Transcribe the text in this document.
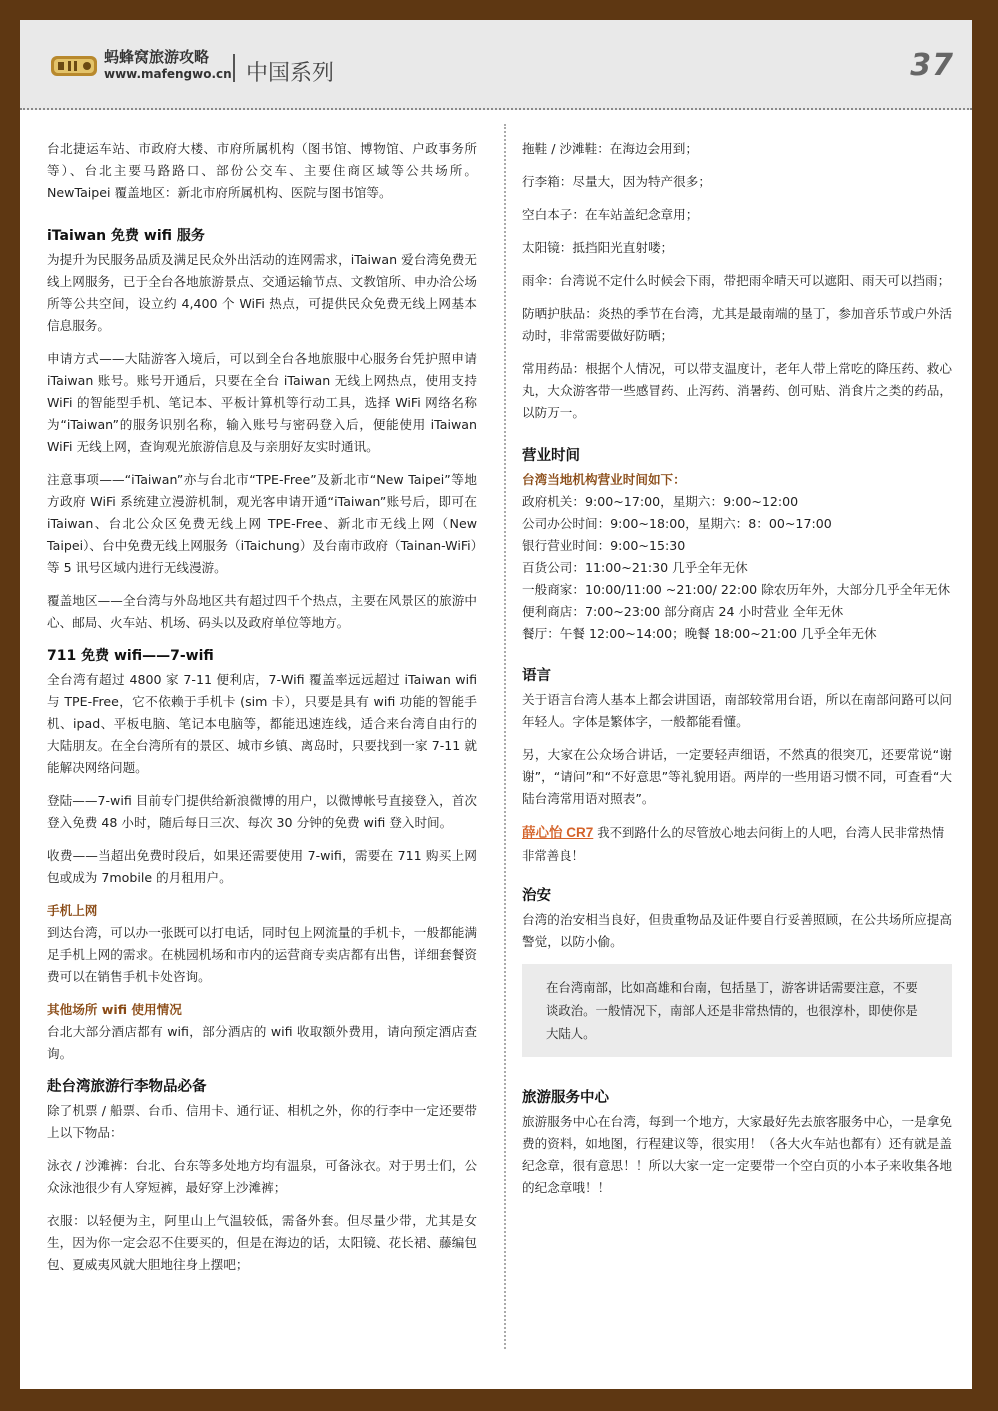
蚂蜂窝旅游攻略
www.mafengwo.cn 中国系列	37

台北捷运车站、市政府大楼、市府所属机构（图书馆、博物馆、户政事务所等）、台北主要马路路口、部份公交车、主要住商区域等公共场所。NewTaipei 覆盖地区：新北市府所属机构、医院与图书馆等。

iTaiwan 免费 wifi 服务

为提升为民服务品质及满足民众外出活动的连网需求，iTaiwan 爱台湾免费无线上网服务，已于全台各地旅游景点、交通运输节点、文教馆所、申办洽公场所等公共空间，设立约 4,400 个 WiFi 热点，可提供民众免费无线上网基本信息服务。

申请方式——大陆游客入境后，可以到全台各地旅服中心服务台凭护照申请 iTaiwan 账号。账号开通后，只要在全台 iTaiwan 无线上网热点，使用支持 WiFi 的智能型手机、笔记本、平板计算机等行动工具，选择 WiFi 网络名称为“iTaiwan”的服务识别名称，输入账号与密码登入后，便能使用 iTaiwan WiFi 无线上网，查询观光旅游信息及与亲朋好友实时通讯。

注意事项——“iTaiwan”亦与台北市“TPE-Free”及新北市“New Taipei”等地方政府 WiFi 系统建立漫游机制，观光客申请开通“iTaiwan”账号后，即可在 iTaiwan、台北公众区免费无线上网 TPE-Free、新北市无线上网（New Taipei）、台中免费无线上网服务（iTaichung）及台南市政府（Tainan-WiFi）等 5 讯号区域内进行无线漫游。

覆盖地区——全台湾与外岛地区共有超过四千个热点，主要在风景区的旅游中心、邮局、火车站、机场、码头以及政府单位等地方。

711 免费 wifi——7-wifi

全台湾有超过 4800 家 7-11 便利店，7-Wifi 覆盖率远远超过 iTaiwan wifi 与 TPE-Free，它不依赖于手机卡 (sim 卡），只要是具有 wifi 功能的智能手机、ipad、平板电脑、笔记本电脑等，都能迅速连线，适合来台湾自由行的大陆朋友。在全台湾所有的景区、城市乡镇、离岛时，只要找到一家 7-11 就能解决网络问题。

登陆——7-wifi 目前专门提供给新浪微博的用户，以微博帐号直接登入，首次登入免费 48 小时，随后每日三次、每次 30 分钟的免费 wifi 登入时间。

收费——当超出免费时段后，如果还需要使用 7-wifi，需要在 711 购买上网包或成为 7mobile 的月租用户。

手机上网

到达台湾，可以办一张既可以打电话，同时包上网流量的手机卡，一般都能满足手机上网的需求。在桃园机场和市内的运营商专卖店都有出售，详细套餐资费可以在销售手机卡处咨询。

其他场所 wifi 使用情况

台北大部分酒店都有 wifi，部分酒店的 wifi 收取额外费用，请向预定酒店查询。

赴台湾旅游行李物品必备

除了机票 / 船票、台币、信用卡、通行证、相机之外，你的行李中一定还要带上以下物品：

泳衣 / 沙滩裤：台北、台东等多处地方均有温泉，可备泳衣。对于男士们，公众泳池很少有人穿短裤，最好穿上沙滩裤；

衣服：以轻便为主，阿里山上气温较低，需备外套。但尽量少带，尤其是女生，因为你一定会忍不住要买的，但是在海边的话，太阳镜、花长裙、藤编包包、夏威夷风就大胆地往身上摆吧；

拖鞋 / 沙滩鞋：在海边会用到；

行李箱：尽量大，因为特产很多；

空白本子：在车站盖纪念章用；

太阳镜：抵挡阳光直射喽；

雨伞：台湾说不定什么时候会下雨，带把雨伞晴天可以遮阳、雨天可以挡雨；

防晒护肤品：炎热的季节在台湾，尤其是最南端的垦丁，参加音乐节或户外活动时，非常需要做好防晒；

常用药品：根据个人情况，可以带支温度计，老年人带上常吃的降压药、救心丸，大众游客带一些感冒药、止泻药、消暑药、创可贴、消食片之类的药品，以防万一。

营业时间
台湾当地机构营业时间如下：
政府机关：9:00~17:00，星期六：9:00~12:00
公司办公时间：9:00~18:00，星期六：8：00~17:00
银行营业时间：9:00~15:30
百货公司：11:00~21:30 几乎全年无休
一般商家：10:00/11:00 ~21:00/ 22:00 除农历年外，大部分几乎全年无休
便利商店：7:00~23:00 部分商店 24 小时营业 全年无休
餐厅：午餐 12:00~14:00；晚餐 18:00~21:00 几乎全年无休
语言

关于语言台湾人基本上都会讲国语，南部较常用台语，所以在南部问路可以问年轻人。字体是繁体字，一般都能看懂。

另，大家在公众场合讲话，一定要轻声细语，不然真的很突兀，还要常说“谢谢”，“请问”和“不好意思”等礼貌用语。两岸的一些用语习惯不同，可查看“大陆台湾常用语对照表”。

薛心怡 CR7 我不到路什么的尽管放心地去问街上的人吧，台湾人民非常热情非常善良！
治安

台湾的治安相当良好，但贵重物品及证件要自行妥善照顾，在公共场所应提高警觉，以防小偷。

在台湾南部，比如高雄和台南，包括垦丁，游客讲话需要注意，不要谈政治。一般情况下，南部人还是非常热情的，也很淳朴，即使你是大陆人。
旅游服务中心

旅游服务中心在台湾，每到一个地方，大家最好先去旅客服务中心，一是拿免费的资料，如地图，行程建议等，很实用！（各大火车站也都有）还有就是盖纪念章，很有意思！！所以大家一定一定要带一个空白页的小本子来收集各地的纪念章哦！！
